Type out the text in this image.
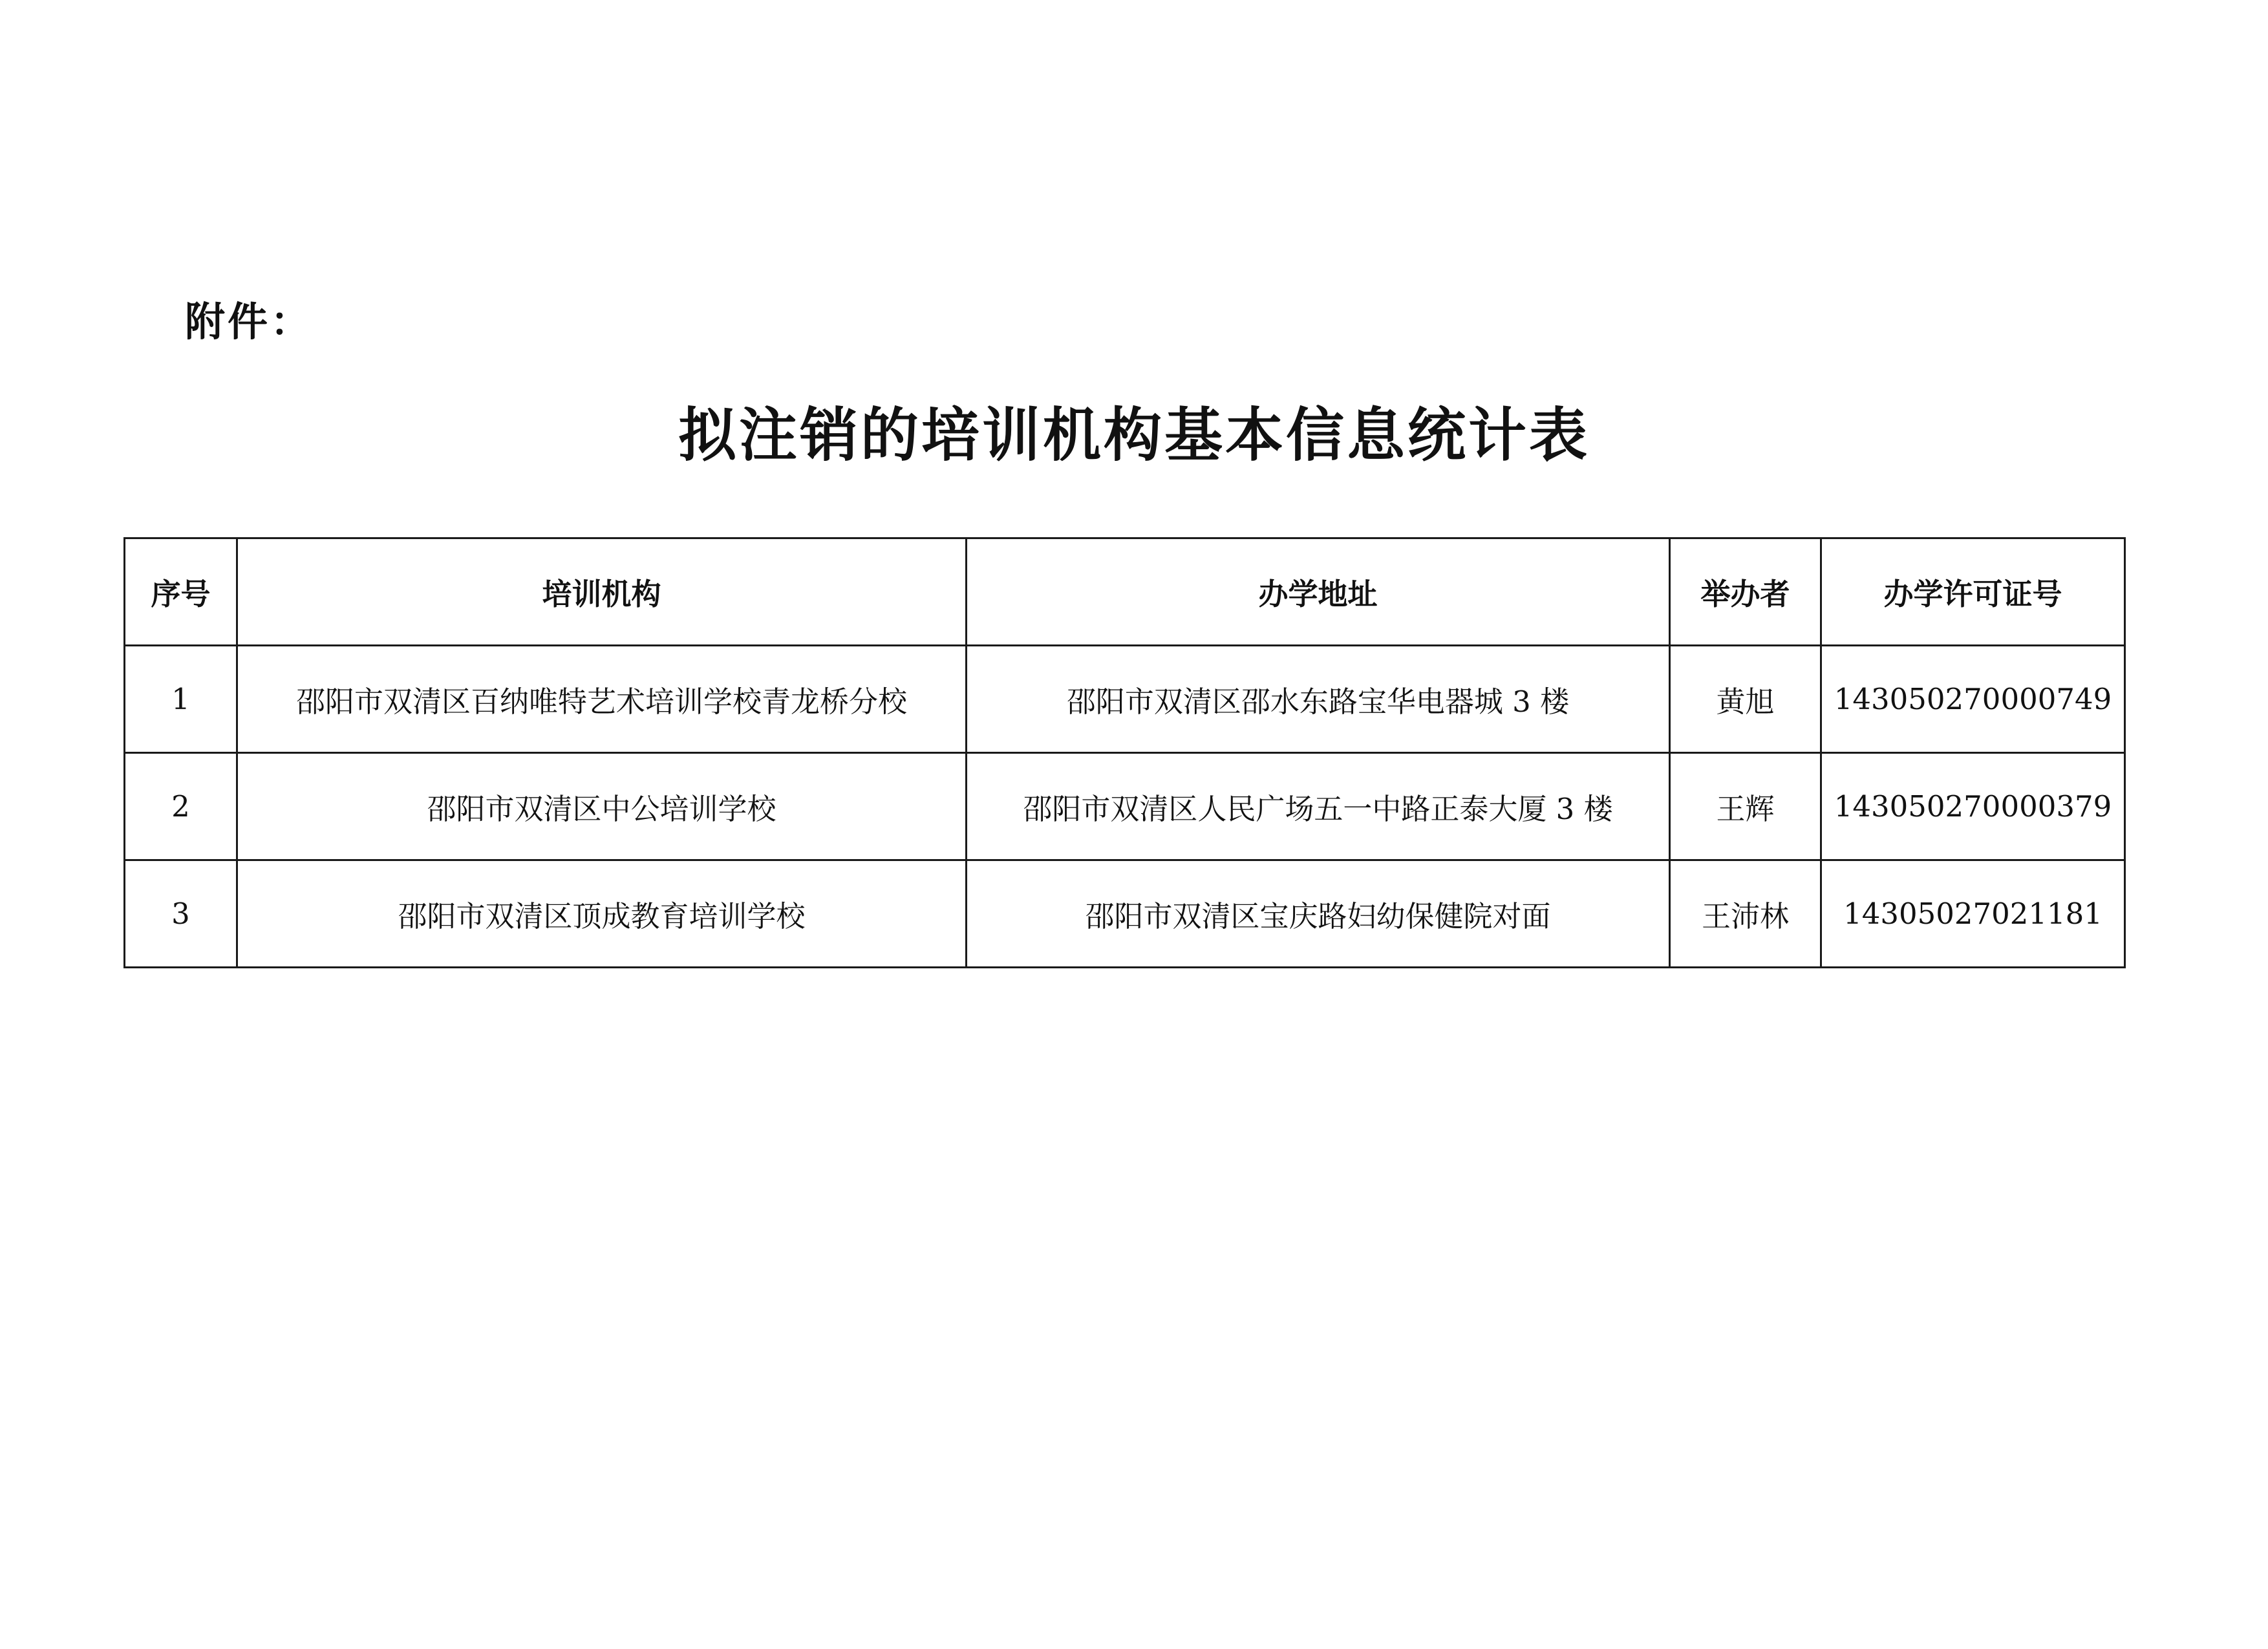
附件：
拟注销的培训机构基本信息统计表
序号	培训机构	办学地址	举办者	办学许可证号
1	邵阳市双清区百纳唯特艺术培训学校青龙桥分校	邵阳市双清区邵水东路宝华电器城 3 楼	黄旭	143050270000749
2	邵阳市双清区中公培训学校	邵阳市双清区人民广场五一中路正泰大厦 3 楼	王辉	143050270000379
3	邵阳市双清区顶成教育培训学校	邵阳市双清区宝庆路妇幼保健院对面	王沛林	14305027021181
